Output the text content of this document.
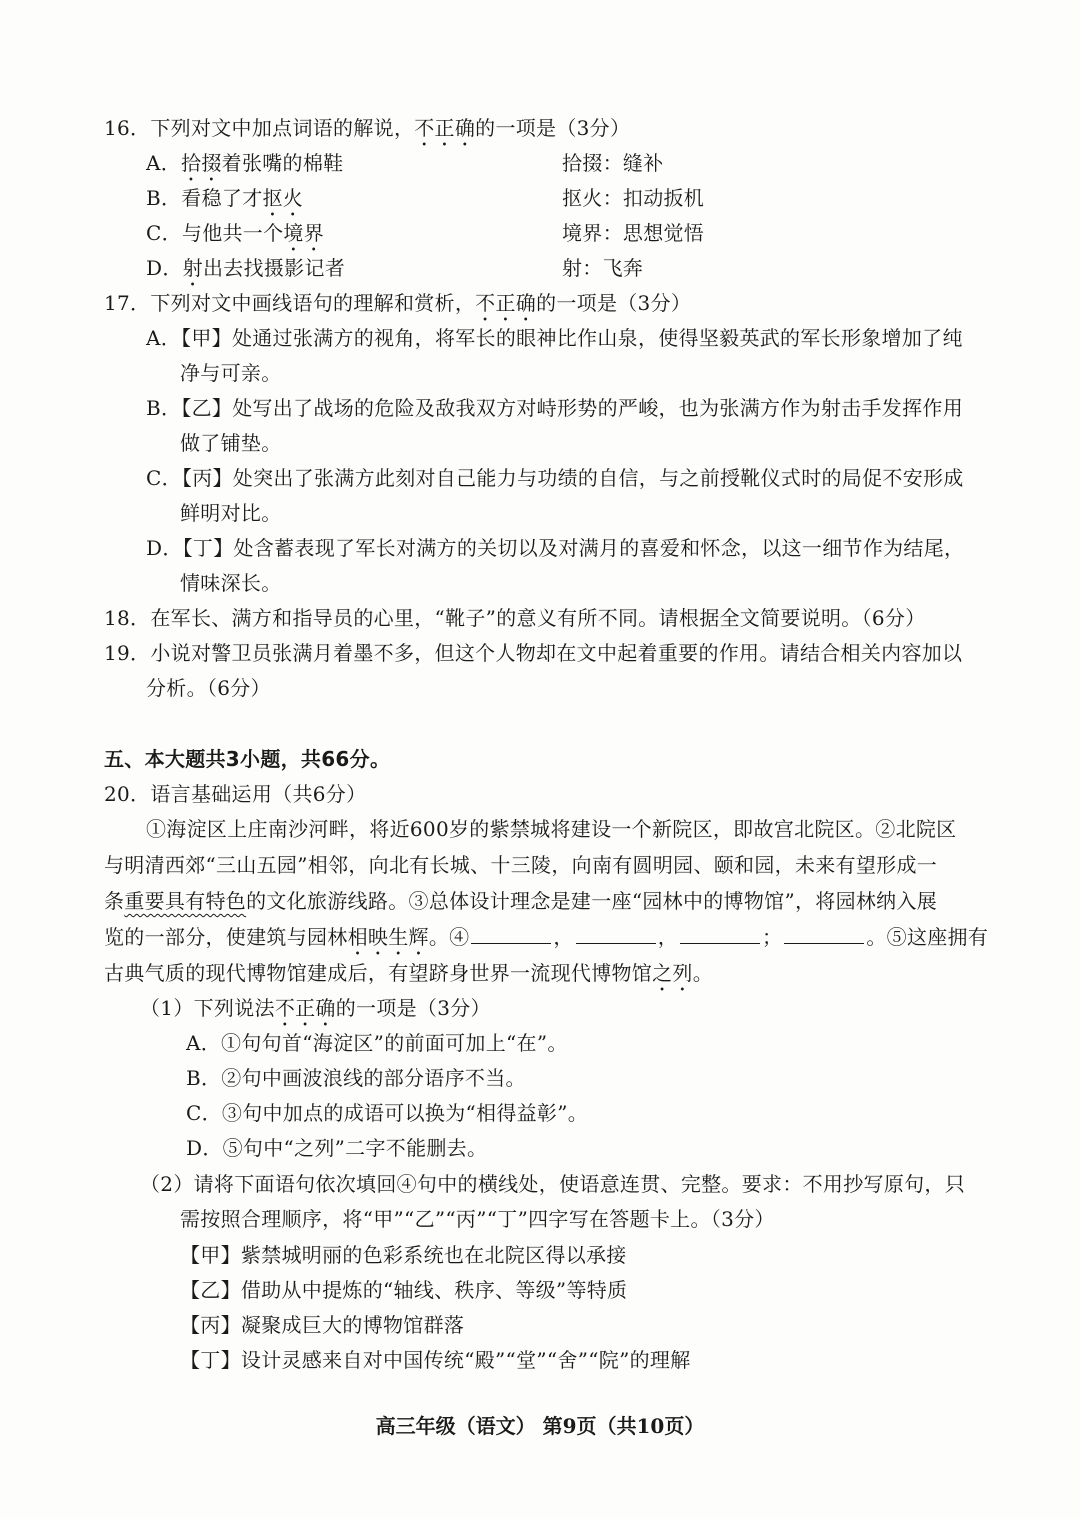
16．下列对文中加点词语的解说，不正确的一项是（3分）
A．拾掇着张嘴的棉鞋	拾掇：缝补
B．看稳了才抠火	抠火：扣动扳机
C．与他共一个境界	境界：思想觉悟
D．射出去找摄影记者	射：飞奔
17．下列对文中画线语句的理解和赏析，不正确的一项是（3分）
A．【甲】处通过张满方的视角，将军长的眼神比作山泉，使得坚毅英武的军长形象增加了纯
净与可亲。
B．【乙】处写出了战场的危险及敌我双方对峙形势的严峻，也为张满方作为射击手发挥作用
做了铺垫。
C．【丙】处突出了张满方此刻对自己能力与功绩的自信，与之前授靴仪式时的局促不安形成
鲜明对比。
D．【丁】处含蓄表现了军长对满方的关切以及对满月的喜爱和怀念，以这一细节作为结尾，
情味深长。
18．在军长、满方和指导员的心里，“靴子”的意义有所不同。请根据全文简要说明。（6分）
19．小说对警卫员张满月着墨不多，但这个人物却在文中起着重要的作用。请结合相关内容加以
分析。（6分）
五、本大题共3小题，共66分。
20．语言基础运用（共6分）
①海淀区上庄南沙河畔，将近600岁的紫禁城将建设一个新院区，即故宫北院区。②北院区
与明清西郊“三山五园”相邻，向北有长城、十三陵，向南有圆明园、颐和园，未来有望形成一
条重要具有特色的文化旅游线路。③总体设计理念是建一座“园林中的博物馆”，将园林纳入展
览的一部分，使建筑与园林相映生辉。④	，	，	；	。⑤这座拥有
古典气质的现代博物馆建成后，有望跻身世界一流现代博物馆之列。
（1）下列说法不正确的一项是（3分）
A．①句句首“海淀区”的前面可加上“在”。
B．②句中画波浪线的部分语序不当。
C．③句中加点的成语可以换为“相得益彰”。
D．⑤句中“之列”二字不能删去。
（2）请将下面语句依次填回④句中的横线处，使语意连贯、完整。要求：不用抄写原句，只
需按照合理顺序，将“甲”“乙”“丙”“丁”四字写在答题卡上。（3分）
【甲】紫禁城明丽的色彩系统也在北院区得以承接
【乙】借助从中提炼的“轴线、秩序、等级”等特质
【丙】凝聚成巨大的博物馆群落
【丁】设计灵感来自对中国传统“殿”“堂”“舍”“院”的理解
高三年级（语文） 第9页（共10页）
